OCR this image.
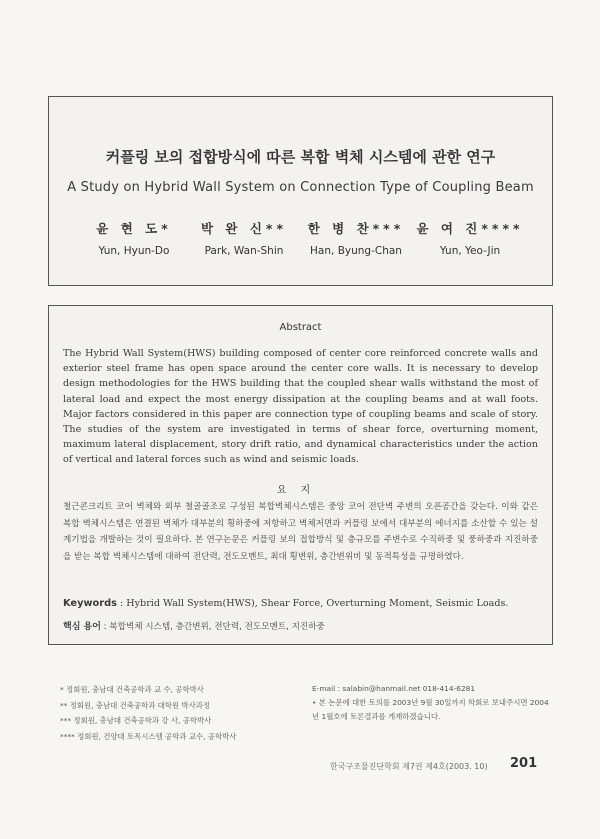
커플링 보의 접합방식에 따른 복합 벽체 시스템에 관한 연구
A Study on Hybrid Wall System on Connection Type of Coupling Beam
윤 현 도*
Yun, Hyun-Do
박 완 신**
Park, Wan-Shin
한 병 찬***
Han, Byung-Chan
윤 여 진****
Yun, Yeo-Jin
Abstract
The Hybrid Wall System(HWS) building composed of center core reinforced concrete walls and exterior steel frame has open space around the center core walls. It is necessary to develop design methodologies for the HWS building that the coupled shear walls withstand the most of lateral load and expect the most energy dissipation at the coupling beams and at wall foots. Major factors considered in this paper are connection type of coupling beams and scale of story. The studies of the system are investigated in terms of shear force, overturning moment, maximum lateral displacement, story drift ratio, and dynamical characteristics under the action of vertical and lateral forces such as wind and seismic loads.
요지
철근콘크리트 코어 벽체와 외부 철골골조로 구성된 복합벽체시스템은 중앙 코어 전단벽 주변의 오픈공간을 갖는다. 이와 같은 복합 벽체시스템은 연결된 벽체가 대부분의 횡하중에 저항하고 벽체저면과 커플링 보에서 대부분의 에너지를 소산할 수 있는 설계기법을 개발하는 것이 필요하다. 본 연구논문은 커플링 보의 접합방식 및 층규모를 주변수로 수직하중 및 풍하중과 지진하중을 받는 복합 벽체시스템에 대하여 전단력, 전도모멘트, 최대 횡변위, 층간변위비 및 동적특성을 규명하였다.
Keywords : Hybrid Wall System(HWS), Shear Force, Overturning Moment, Seismic Loads.
핵심 용어 : 복합벽체 시스템, 층간변위, 전단력, 전도모멘트, 지진하중
* 정회원, 충남대 건축공학과 교 수, 공학박사
** 정회원, 충남대 건축공학과 대학원 박사과정
*** 정회원, 충남대 건축공학과 강 사, 공학박사
**** 정회원, 건양대 토목시스템 공학과 교수, 공학박사
E-mail : salabin@hanmail.net 018-414-6281
• 본 논문에 대한 토의를 2003년 9월 30일까지 학회로 보내주시면 2004년 1월호에 토론결과를 게재하겠습니다.
한국구조물진단학회 제7권 제4호(2003. 10) 201
